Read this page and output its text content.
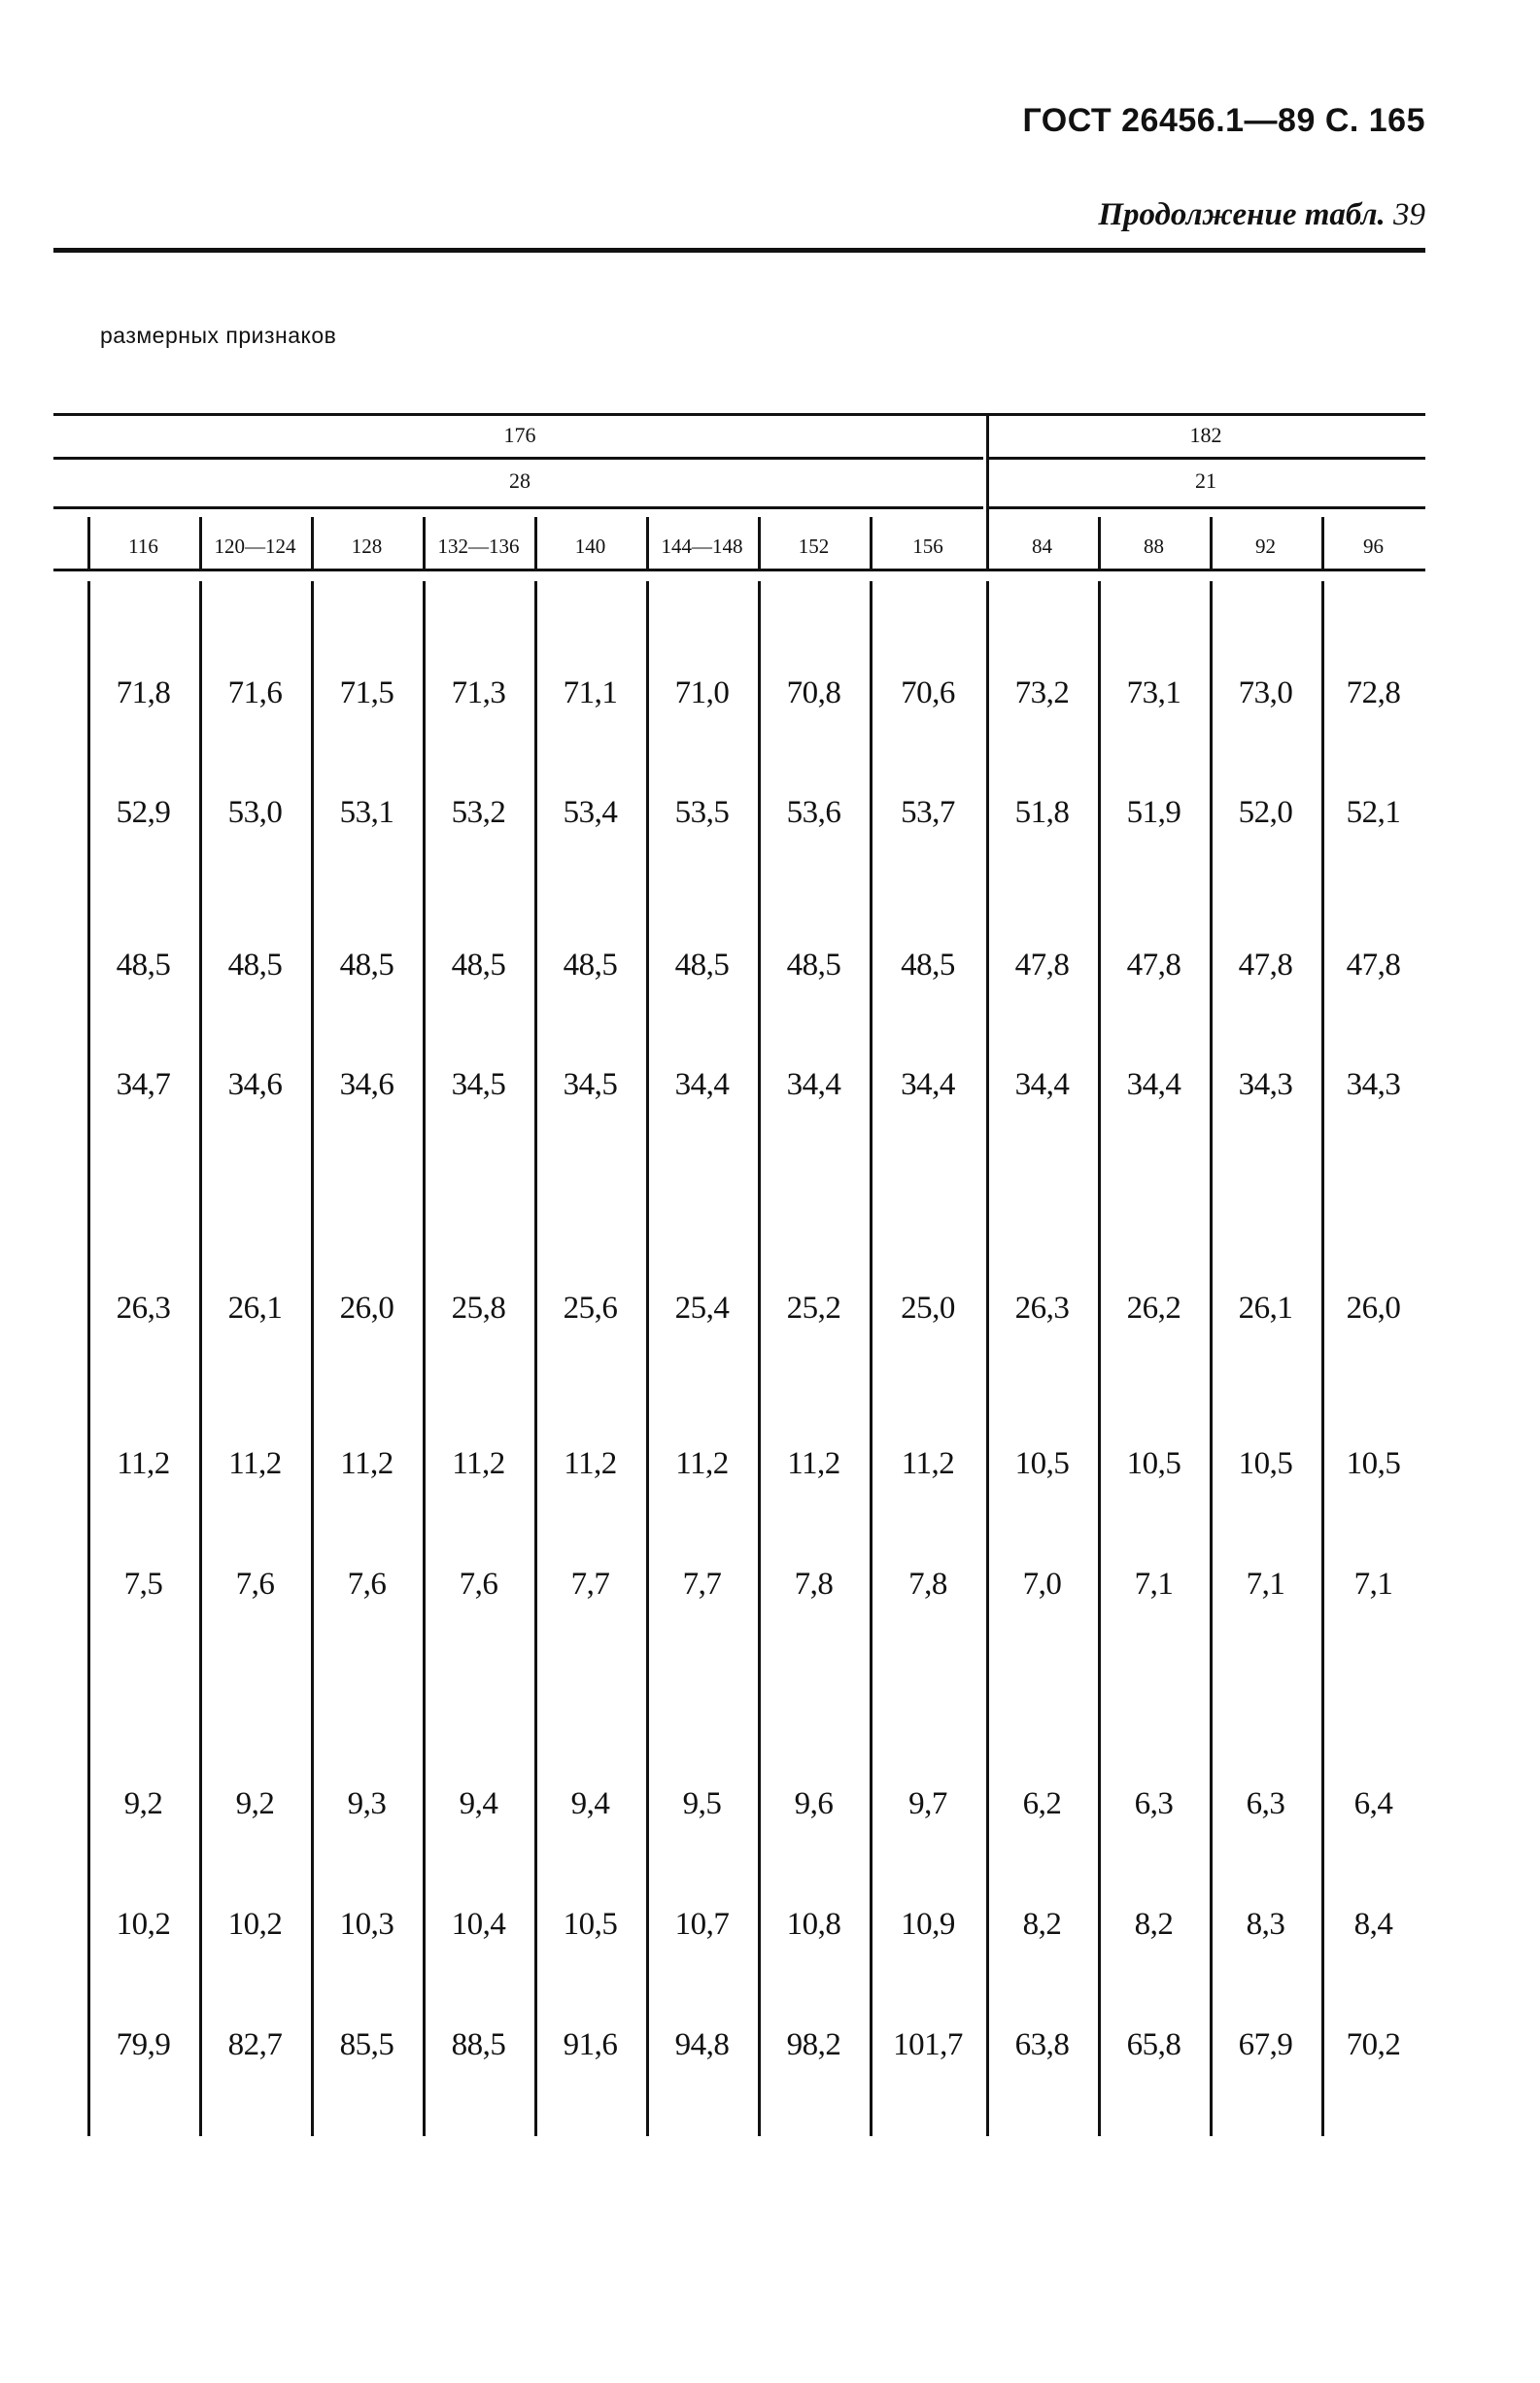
ГОСТ 26456.1—89 С. 165
Продолжение табл. 39
размерных признаков
176
28
182
21
116	120—124	128	132—136	140	144—148	152	156	84	88	92	96
71,8	71,6	71,5	71,3	71,1	71,0	70,8	70,6	73,2	73,1	73,0	72,8
52,9	53,0	53,1	53,2	53,4	53,5	53,6	53,7	51,8	51,9	52,0	52,1
48,5	48,5	48,5	48,5	48,5	48,5	48,5	48,5	47,8	47,8	47,8	47,8
34,7	34,6	34,6	34,5	34,5	34,4	34,4	34,4	34,4	34,4	34,3	34,3
26,3	26,1	26,0	25,8	25,6	25,4	25,2	25,0	26,3	26,2	26,1	26,0
11,2	11,2	11,2	11,2	11,2	11,2	11,2	11,2	10,5	10,5	10,5	10,5
7,5	7,6	7,6	7,6	7,7	7,7	7,8	7,8	7,0	7,1	7,1	7,1
9,2	9,2	9,3	9,4	9,4	9,5	9,6	9,7	6,2	6,3	6,3	6,4
10,2	10,2	10,3	10,4	10,5	10,7	10,8	10,9	8,2	8,2	8,3	8,4
79,9	82,7	85,5	88,5	91,6	94,8	98,2	101,7	63,8	65,8	67,9	70,2
